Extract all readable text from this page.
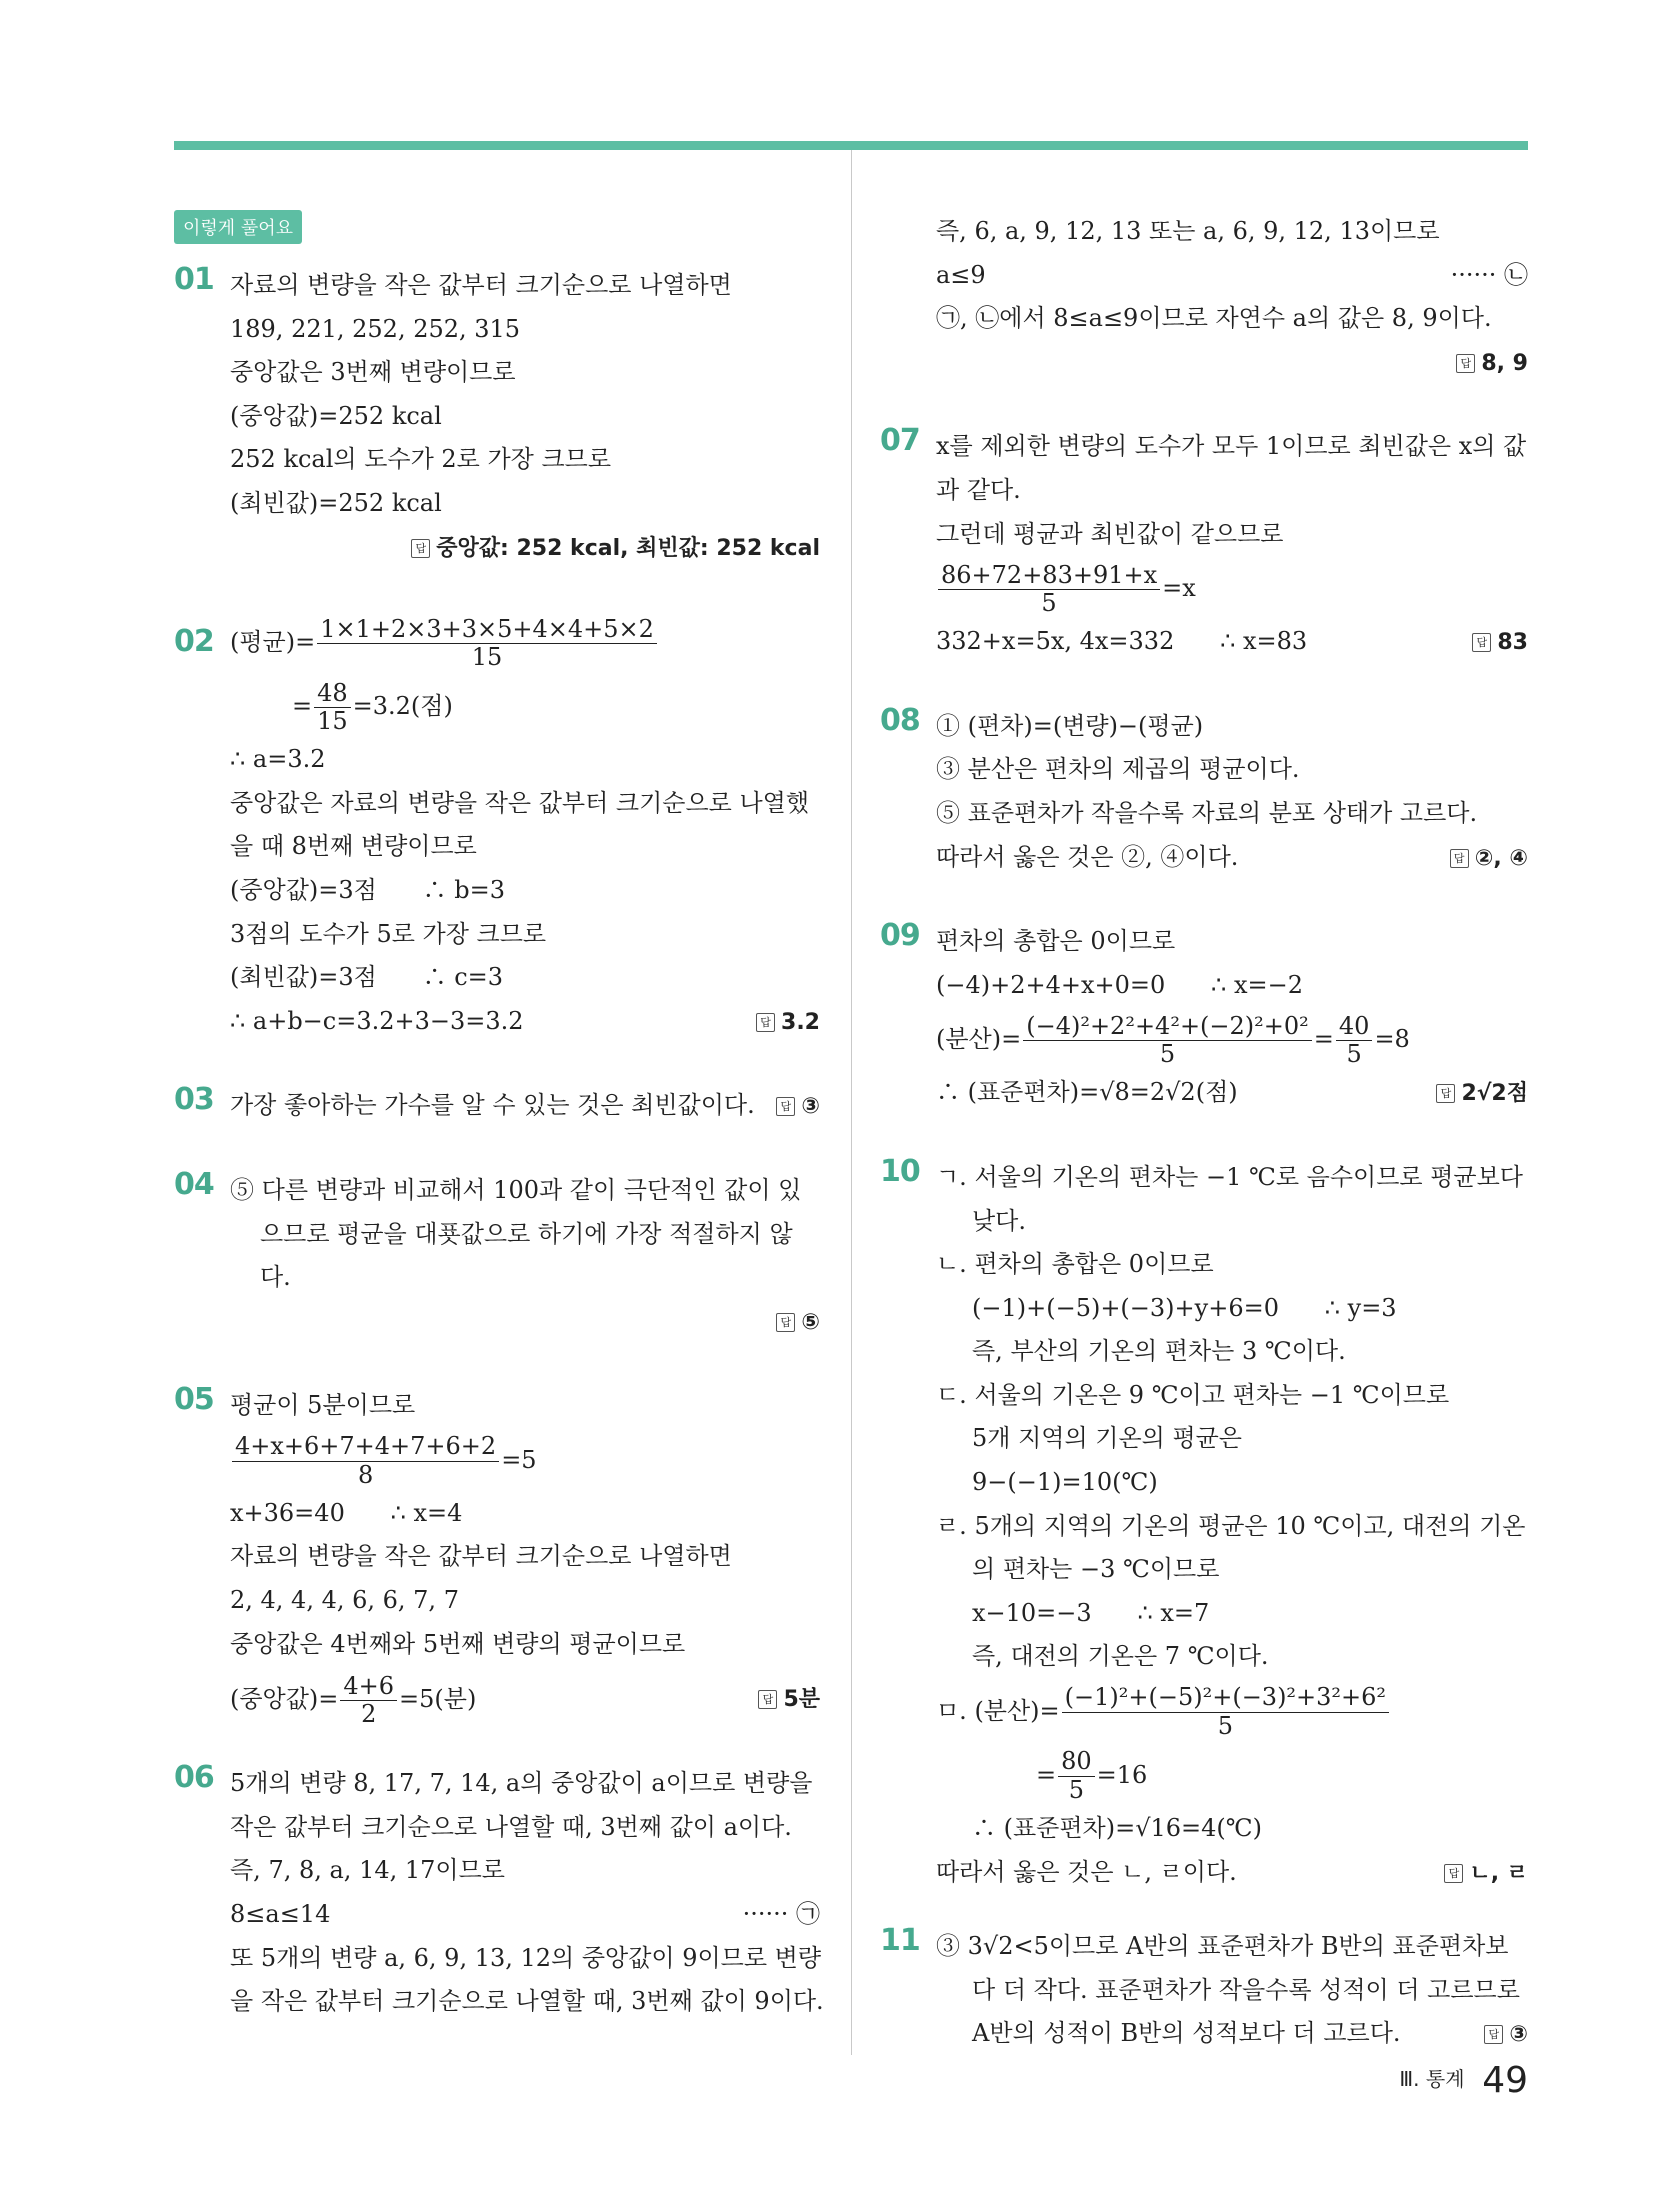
이렇게 풀어요
01 자료의 변량을 작은 값부터 크기순으로 나열하면
189, 221, 252, 252, 315
중앙값은 3번째 변량이므로
(중앙값)=252 kcal
252 kcal의 도수가 2로 가장 크므로
(최빈값)=252 kcal
답 중앙값: 252 kcal, 최빈값: 252 kcal
02 (평균)= $\frac{1\times 1+2\times 3+3\times 5+4\times 4+5\times 2}{15}$
= $\frac{48}{15} =3.2$(점)
∴ a=3.2
중앙값은 자료의 변량을 작은 값부터 크기순으로 나열했
을 때 8번째 변량이므로
(중앙값)=3점      ∴ b=3
3점의 도수가 5로 가장 크므로
(최빈값)=3점      ∴ c=3
∴ a+b−c=3.2+3−3=3.2	답 3.2
03 가장 좋아하는 가수를 알 수 있는 것은 최빈값이다.	답 ③
04 ⑤ 다른 변량과 비교해서 100과 같이 극단적인 값이 있으므로 평균을 대푯값으로 하기에 가장 적절하지 않다.
답 ⑤
05 평균이 5분이므로
$\frac{4+x+6+7+4+7+6+2}{8} =5$
x+36=40      ∴ x=4
자료의 변량을 작은 값부터 크기순으로 나열하면
2, 4, 4, 4, 6, 6, 7, 7
중앙값은 4번째와 5번째 변량의 평균이므로
(중앙값)= $\frac{4+6}{2} =5$(분)	답 5분
06 5개의 변량 8, 17, 7, 14, a의 중앙값이 a이므로 변량을
작은 값부터 크기순으로 나열할 때, 3번째 값이 a이다.
즉, 7, 8, a, 14, 17이므로
8≤a≤14	······ ㉠
또 5개의 변량 a, 6, 9, 13, 12의 중앙값이 9이므로 변량
을 작은 값부터 크기순으로 나열할 때, 3번째 값이 9이다.
즉, 6, a, 9, 12, 13 또는 a, 6, 9, 12, 13이므로
a≤9	······ ㉡
㉠, ㉡에서 8≤a≤9이므로 자연수 a의 값은 8, 9이다.
답 8, 9
07 x를 제외한 변량의 도수가 모두 1이므로 최빈값은 x의 값
과 같다.
그런데 평균과 최빈값이 같으므로
$\frac{86+72+83+91+x}{5} =x$
332+x=5x, 4x=332      ∴ x=83	답 83
08 ① (편차)=(변량)−(평균)
③ 분산은 편차의 제곱의 평균이다.
⑤ 표준편차가 작을수록 자료의 분포 상태가 고르다.
따라서 옳은 것은 ②, ④이다.	답 ②, ④
09 편차의 총합은 0이므로
(−4)+2+4+x+0=0      ∴ x=−2
(분산)= $\frac{\text{(−4)²+2²+4²+(−2)²+0²}}{5} = \frac{40}{5} =8$
∴ (표준편차)=√8=2√2(점)	답 2√2점
10 ㄱ. 서울의 기온의 편차는 −1 ℃로 음수이므로 평균보다
낮다.
ㄴ. 편차의 총합은 0이므로
(−1)+(−5)+(−3)+y+6=0      ∴ y=3
즉, 부산의 기온의 편차는 3 ℃이다.
ㄷ. 서울의 기온은 9 ℃이고 편차는 −1 ℃이므로
5개 지역의 기온의 평균은
9−(−1)=10(℃)
ㄹ. 5개의 지역의 기온의 평균은 10 ℃이고, 대전의 기온
의 편차는 −3 ℃이므로
x−10=−3      ∴ x=7
즉, 대전의 기온은 7 ℃이다.
ㅁ. (분산)= $\frac{\text{(−1)²+(−5)²+(−3)²+3²+6²}}{5}$
= $\frac{80}{5} =16$
∴ (표준편차)=√16=4(℃)
따라서 옳은 것은 ㄴ, ㄹ이다.	답 ㄴ, ㄹ
11 ③ 3√2<5이므로 A반의 표준편차가 B반의 표준편차보
다 더 작다. 표준편차가 작을수록 성적이 더 고르므로
A반의 성적이 B반의 성적보다 더 고르다.	답 ③
$^{Ⅲ. 통계}$ 49
